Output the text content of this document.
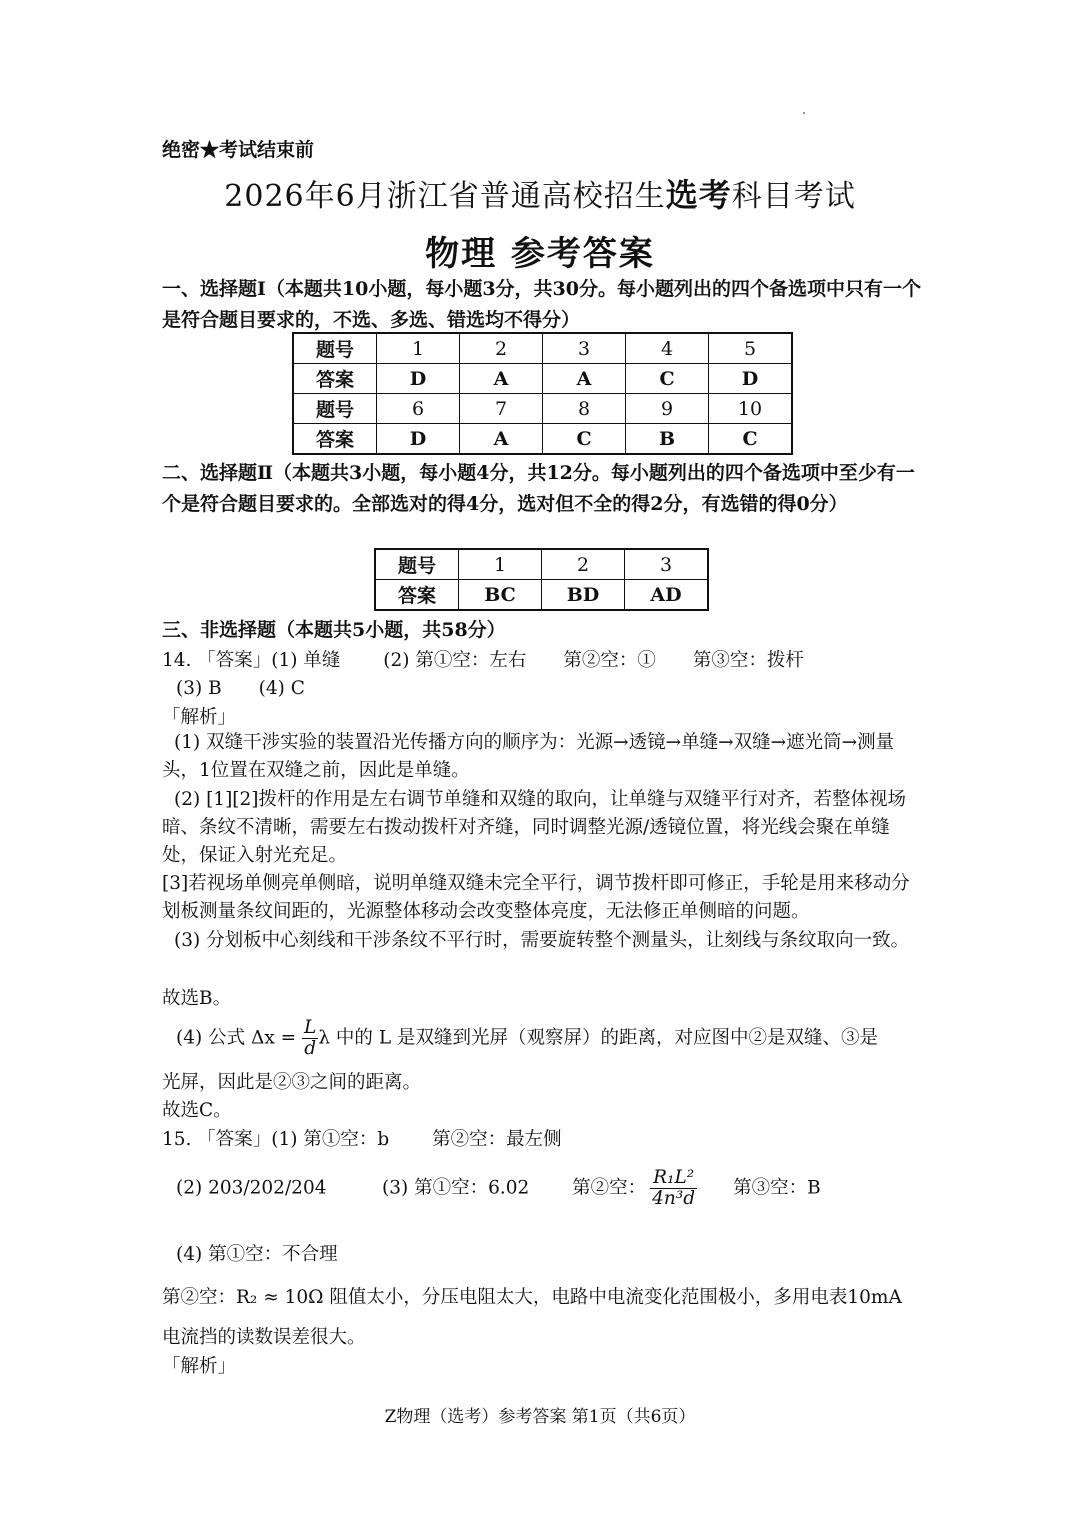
绝密★考试结束前
2026年6月浙江省普通高校招生选考科目考试
物理 参考答案
一、选择题Ⅰ（本题共10小题，每小题3分，共30分。每小题列出的四个备选项中只有一个是符合题目要求的，不选、多选、错选均不得分）
题号	1	2	3	4	5
答案	D	A	A	C	D
题号	6	7	8	9	10
答案	D	A	C	B	C
二、选择题Ⅱ（本题共3小题，每小题4分，共12分。每小题列出的四个备选项中至少有一个是符合题目要求的。全部选对的得4分，选对但不全的得2分，有选错的得0分）
题号	1	2	3
答案	BC	BD	AD
三、非选择题（本题共5小题，共58分）
14. 「答案」(1) 单缝　　 (2) 第①空：左右　　第②空：①　　第③空：拨杆
(3) B　　(4) C
「解析」
(1) 双缝干涉实验的装置沿光传播方向的顺序为：光源→透镜→单缝→双缝→遮光筒→测量头，1位置在双缝之前，因此是单缝。
(2) [1][2]拨杆的作用是左右调节单缝和双缝的取向，让单缝与双缝平行对齐，若整体视场暗、条纹不清晰，需要左右拨动拨杆对齐缝，同时调整光源/透镜位置，将光线会聚在单缝处，保证入射光充足。
[3]若视场单侧亮单侧暗，说明单缝双缝未完全平行，调节拨杆即可修正，手轮是用来移动分划板测量条纹间距的，光源整体移动会改变整体亮度，无法修正单侧暗的问题。
(3) 分划板中心刻线和干涉条纹不平行时，需要旋转整个测量头，让刻线与条纹取向一致。
故选B。
(4) 公式 $\Delta x = \frac{L}{d}$ λ 中的 L 是双缝到光屏（观察屏）的距离，对应图中②是双缝、③是
光屏，因此是②③之间的距离。
故选C。
15. 「答案」(1) 第①空：b　　 第②空：最左侧
(2) 203/202/204　　　(3) 第①空：6.02　　 第②空： $\frac{\text{R₁L²}}{\text{4n³d}}$ 第③空：B
(4) 第①空：不合理
第②空：R₂ ≈ 10Ω 阻值太小，分压电阻太大，电路中电流变化范围极小，多用电表10mA
电流挡的读数误差很大。
「解析」
Z物理（选考）参考答案 第1页（共6页）
